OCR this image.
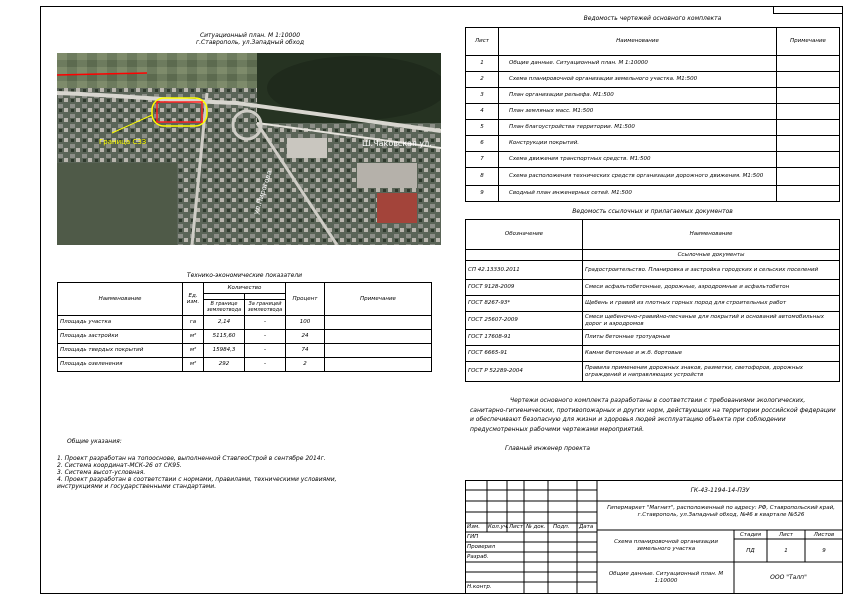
Ситуационный план. М 1:10000
г.Ставрополь, ул.Западный обход
Граница СЗЗ	Ш.Чаковская ул.
ул.Пирогова
Ведомость чертежей основного комплекта
Лист	Наименование	Примечание
1	Общие данные. Ситуационный план. М 1:10000	
2	Схема планировочной организации земельного участка. М1:500	
3	План организации рельефа. М1:500	
4	План земляных масс. М1:500	
5	План благоустройства территории. М1:500	
6	Конструкции покрытий.	
7	Схема движения транспортных средств. М1:500	
8	Схема расположения технических средств организации дорожного движения. М1:500	
9	Сводный план инженерных сетей. М1:500	
Ведомость ссылочных и прилагаемых документов
Обозначение	Наименование
	Ссылочные документы
СП 42.13330.2011	Градостроительство. Планировка и застройка городских и сельских поселений
ГОСТ 9128-2009	Смеси асфальтобетонные, дорожные, аэродромные и асфальтобетон
ГОСТ 8267-93*	Щебень и гравий из плотных горных пород для строительных работ
ГОСТ 25607-2009	Смеси щебеночно-гравийно-песчаные для покрытий и оснований автомобильных дорог и аэродромов
ГОСТ 17608-91	Плиты бетонные тротуарные
ГОСТ 6665-91	Камни бетонные и ж.б. бортовые
ГОСТ Р 52289-2004	Правила применения дорожных знаков, разметки, светофоров, дорожных ограждений и направляющих устройств
Технико-экономические показатели
Наименование	Ед. изм.	Количество		Процент	Примечание

		В границе землеотвода	За границей землеотвода		
Площадь участка	га	2,14	-	100	
Площадь застройки	м²	5115,60	-	24	
Площадь твердых покрытий	м²	15984,3	-	74	
Площадь озеленения	м²	292	-	2	
Чертежи основного комплекта разработаны в соответствии с требованиями экологических, санитарно-гигиенических, противопожарных и других норм, действующих на территории российской федерации и обеспечивают безопасную для жизни и здоровья людей эксплуатацию объекта при соблюдении предусмотренных рабочими чертежами мероприятий.
Главный инженер проекта
Общие указания:
1. Проект разработан на топооснове, выполненной СтавгеоСтрой в сентябре 2014г.
2. Система координат-МСК-26 от СК95.
3. Система высот-условная.
4. Проект разработан в соответствии с нормами, правилами, техническими условиями, инструкциями и государственными стандартами.
Изм. Кол.уч. Лист № док. Подп. Дата
ГИП
Проверил
Разраб.
Н.контр.
ГК-43-1194-14-ПЗУ
Гипермаркет "Магнит", расположенный по адресу: РФ, Ставропольский край, г.Ставрополь, ул.Западный обход, №46 в квартале №526
Схема планировочной организации земельного участка
Общие данные. Ситуационный план. М 1:10000	ООО "Талп"
Стадия	Лист	Листов
ПД	1	9
